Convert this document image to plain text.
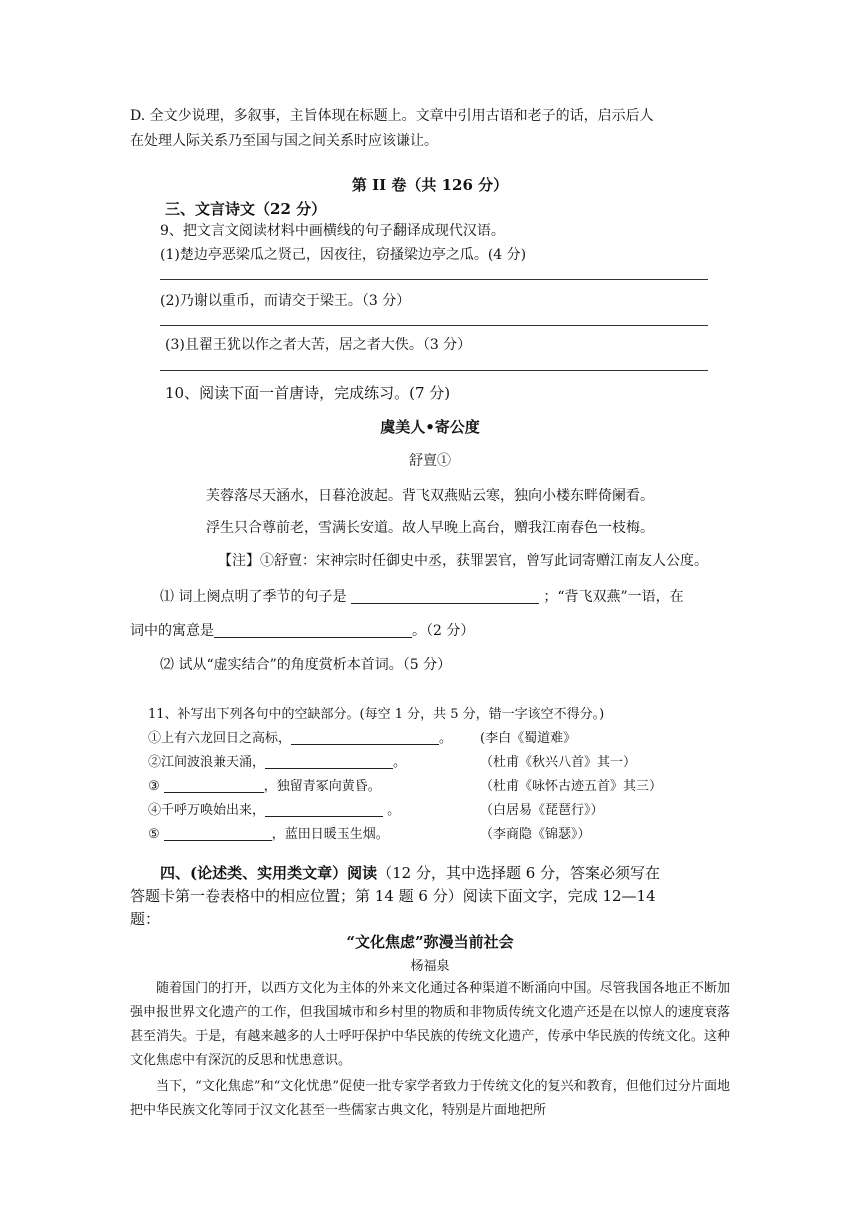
D. 全文少说理，多叙事，主旨体现在标题上。文章中引用古语和老子的话，启示后人
在处理人际关系乃至国与国之间关系时应该谦让。
第 II 卷（共 126 分）
三、文言诗文（22 分）
9、把文言文阅读材料中画横线的句子翻译成现代汉语。
(1)楚边亭恶梁瓜之贤己，因夜往，窃搔梁边亭之瓜。(4 分)
(2)乃谢以重币，而请交于梁王。（3 分）
(3)且翟王犹以作之者大苦，居之者大佚。（3 分）
10、阅读下面一首唐诗，完成练习。(7 分)
虞美人•寄公度
舒亶①
芙蓉落尽天涵水，日暮沧波起。背飞双燕贴云寒，独向小楼东畔倚阑看。
浮生只合尊前老，雪满长安道。故人早晚上高台，赠我江南春色一枝梅。
【注】①舒亶：宋神宗时任御史中丞，获罪罢官，曾写此词寄赠江南友人公度。
⑴ 词上阕点明了季节的句子是	；“背飞双燕”一语，在
词中的寓意是	。（2 分）
⑵ 试从“虚实结合”的角度赏析本首词。（5 分）
11、补写出下列各句中的空缺部分。(每空 1 分，共 5 分，错一字该空不得分。)
①上有六龙回日之高标，	。 (李白《蜀道难》
②江间波浪兼天涌，	。	（杜甫《秋兴八首》其一）
③	，独留青冢向黄昏。	（杜甫《咏怀古迹五首》其三）
④千呼万唤始出来，	。	（白居易《琵琶行》）
⑤	，蓝田日暖玉生烟。	（李商隐《锦瑟》）
四、(论述类、实用类文章）阅读（12 分，其中选择题 6 分，答案必须写在
答题卡第一卷表格中的相应位置；第 14 题 6 分）阅读下面文字，完成 12—14
题：
“文化焦虑”弥漫当前社会
杨福泉
随着国门的打开，以西方文化为主体的外来文化通过各种渠道不断涌向中国。尽管我国各地正不断加强申报世界文化遗产的工作，但我国城市和乡村里的物质和非物质传统文化遗产还是在以惊人的速度衰落甚至消失。于是，有越来越多的人士呼吁保护中华民族的传统文化遗产，传承中华民族的传统文化。这种文化焦虑中有深沉的反思和忧患意识。
当下，“文化焦虑”和“文化忧患”促使一批专家学者致力于传统文化的复兴和教育，但他们过分片面地把中华民族文化等同于汉文化甚至一些儒家古典文化，特别是片面地把所
